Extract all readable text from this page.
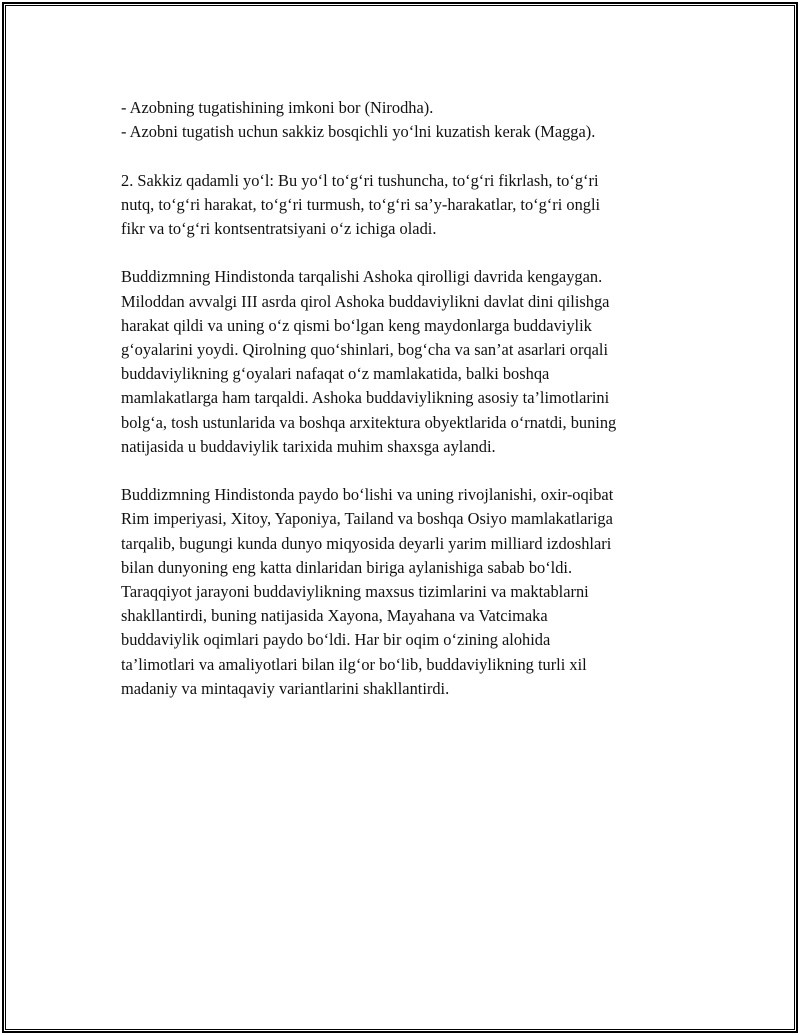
- Azobning tugatishining imkoni bor (Nirodha).
- Azobni tugatish uchun sakkiz bosqichli yo‘lni kuzatish kerak (Magga).
2. Sakkiz qadamli yo‘l: Bu yo‘l to‘g‘ri tushuncha, to‘g‘ri fikrlash, to‘g‘ri
nutq, to‘g‘ri harakat, to‘g‘ri turmush, to‘g‘ri sa’y-harakatlar, to‘g‘ri ongli
fikr va to‘g‘ri kontsentratsiyani o‘z ichiga oladi.
Buddizmning Hindistonda tarqalishi Ashoka qirolligi davrida kengaygan.
Miloddan avvalgi III asrda qirol Ashoka buddaviylikni davlat dini qilishga
harakat qildi va uning o‘z qismi bo‘lgan keng maydonlarga buddaviylik
g‘oyalarini yoydi. Qirolning quo‘shinlari, bog‘cha va san’at asarlari orqali
buddaviylikning g‘oyalari nafaqat o‘z mamlakatida, balki boshqa
mamlakatlarga ham tarqaldi. Ashoka buddaviylikning asosiy ta’limotlarini
bolg‘a, tosh ustunlarida va boshqa arxitektura obyektlarida o‘rnatdi, buning
natijasida u buddaviylik tarixida muhim shaxsga aylandi.
Buddizmning Hindistonda paydo bo‘lishi va uning rivojlanishi, oxir-oqibat
Rim imperiyasi, Xitoy, Yaponiya, Tailand va boshqa Osiyo mamlakatlariga
tarqalib, bugungi kunda dunyo miqyosida deyarli yarim milliard izdoshlari
bilan dunyoning eng katta dinlaridan biriga aylanishiga sabab bo‘ldi.
Taraqqiyot jarayoni buddaviylikning maxsus tizimlarini va maktablarni
shakllantirdi, buning natijasida Xayona, Mayahana va Vatcimaka
buddaviylik oqimlari paydo bo‘ldi. Har bir oqim o‘zining alohida
ta’limotlari va amaliyotlari bilan ilg‘or bo‘lib, buddaviylikning turli xil
madaniy va mintaqaviy variantlarini shakllantirdi.
